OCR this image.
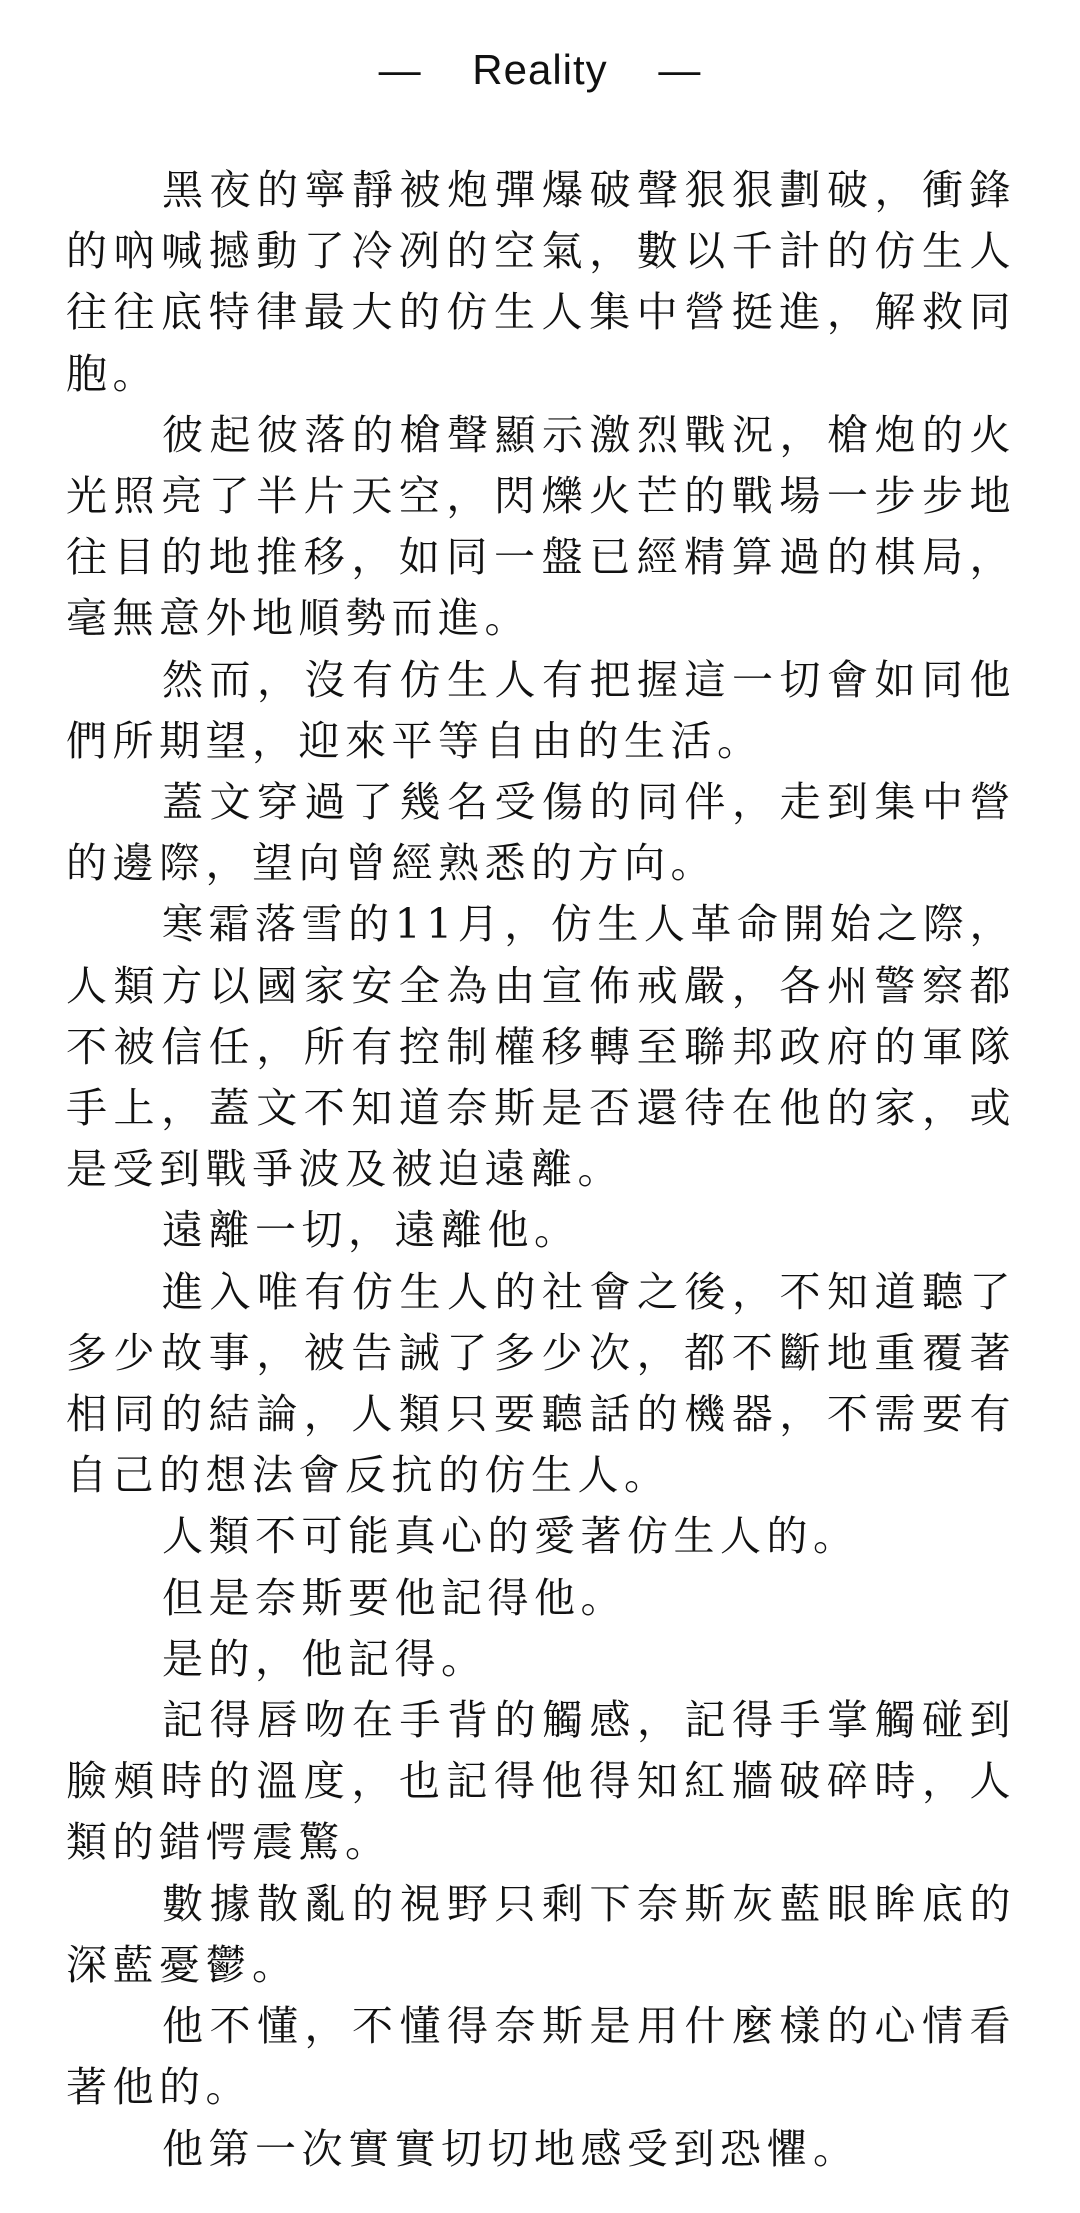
—    Reality    —

黑夜的寧靜被炮彈爆破聲狠狠劃破，衝鋒的吶喊撼動了冷冽的空氣，數以千計的仿生人往往底特律最大的仿生人集中營挺進，解救同胞。

彼起彼落的槍聲顯示激烈戰況，槍炮的火光照亮了半片天空，閃爍火芒的戰場一步步地往目的地推移，如同一盤已經精算過的棋局，毫無意外地順勢而進。

然而，沒有仿生人有把握這一切會如同他們所期望，迎來平等自由的生活。

蓋文穿過了幾名受傷的同伴，走到集中營的邊際，望向曾經熟悉的方向。

寒霜落雪的11月，仿生人革命開始之際，人類方以國家安全為由宣佈戒嚴，各州警察都不被信任，所有控制權移轉至聯邦政府的軍隊手上，蓋文不知道奈斯是否還待在他的家，或是受到戰爭波及被迫遠離。

遠離一切，遠離他。

進入唯有仿生人的社會之後，不知道聽了多少故事，被告誡了多少次，都不斷地重覆著相同的結論，人類只要聽話的機器，不需要有自己的想法會反抗的仿生人。

人類不可能真心的愛著仿生人的。

但是奈斯要他記得他。

是的，他記得。

記得唇吻在手背的觸感，記得手掌觸碰到臉頰時的溫度，也記得他得知紅牆破碎時，人類的錯愕震驚。

數據散亂的視野只剩下奈斯灰藍眼眸底的深藍憂鬱。

他不懂，不懂得奈斯是用什麼樣的心情看著他的。

他第一次實實切切地感受到恐懼。
